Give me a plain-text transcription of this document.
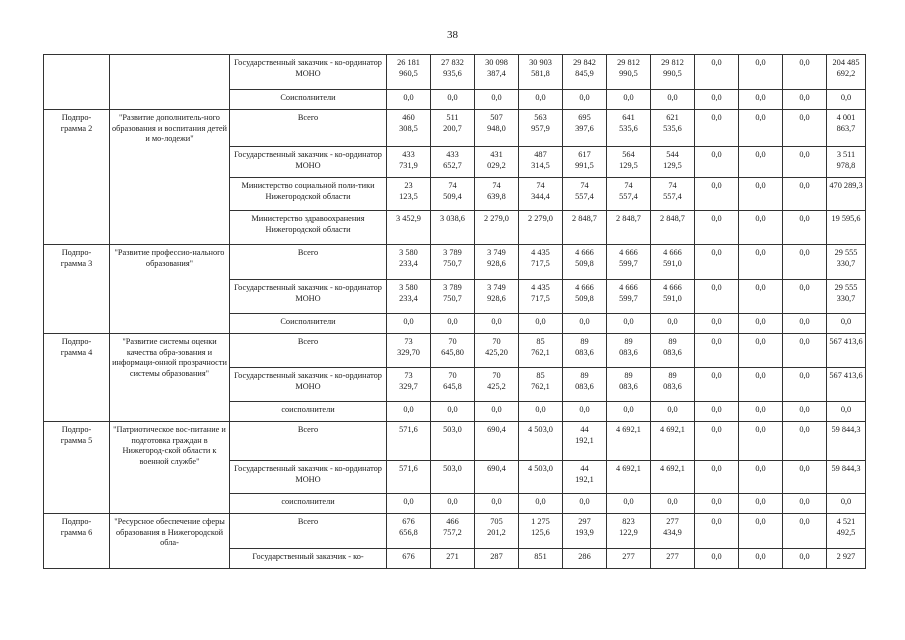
38
		Государственный заказчик - ко-ординатор МОНО	26 181
960,5	27 832
935,6	30 098
387,4	30 903
581,8	29 842
845,9	29 812
990,5	29 812
990,5	0,0	0,0	0,0	204 485
692,2
		Соисполнители	0,0	0,0	0,0	0,0	0,0	0,0	0,0	0,0	0,0	0,0	0,0
Подпро-
грамма 2	"Развитие дополнитель-ного образования и воспитания детей и мо-лодежи"	Всего	460
308,5	511
200,7	507
948,0	563
957,9	695
397,6	641
535,6	621
535,6	0,0	0,0	0,0	4 001
863,7
		Государственный заказчик - ко-ординатор МОНО	433
731,9	433
652,7	431
029,2	487
314,5	617
991,5	564
129,5	544
129,5	0,0	0,0	0,0	3 511
978,8
		Министерство социальной поли-тики Нижегородской области	23
123,5	74
509,4	74
639,8	74
344,4	74
557,4	74
557,4	74
557,4	0,0	0,0	0,0	470 289,3
		Министерство здравоохранения Нижегородской области	3 452,9	3 038,6	2 279,0	2 279,0	2 848,7	2 848,7	2 848,7	0,0	0,0	0,0	19 595,6
Подпро-
грамма 3	"Развитие профессио-нального образования"	Всего	3 580
233,4	3 789
750,7	3 749
928,6	4 435
717,5	4 666
509,8	4 666
599,7	4 666
591,0	0,0	0,0	0,0	29 555
330,7
		Государственный заказчик - ко-ординатор МОНО	3 580
233,4	3 789
750,7	3 749
928,6	4 435
717,5	4 666
509,8	4 666
599,7	4 666
591,0	0,0	0,0	0,0	29 555
330,7
		Соисполнители	0,0	0,0	0,0	0,0	0,0	0,0	0,0	0,0	0,0	0,0	0,0
Подпро-
грамма 4	"Развитие системы оценки качества обра-зования и информаци-онной прозрачности системы образования"	Всего	73
329,70	70
645,80	70
425,20	85
762,1	89
083,6	89
083,6	89
083,6	0,0	0,0	0,0	567 413,6
		Государственный заказчик - ко-ординатор МОНО	73
329,7	70
645,8	70
425,2	85
762,1	89
083,6	89
083,6	89
083,6	0,0	0,0	0,0	567 413,6
		соисполнители	0,0	0,0	0,0	0,0	0,0	0,0	0,0	0,0	0,0	0,0	0,0
Подпро-
грамма 5	"Патриотическое вос-питание и подготовка граждан в Нижегород-ской области к военной службе"	Всего	571,6	503,0	690,4	4 503,0	44
192,1	4 692,1	4 692,1	0,0	0,0	0,0	59 844,3
		Государственный заказчик - ко-ординатор МОНО	571,6	503,0	690,4	4 503,0	44
192,1	4 692,1	4 692,1	0,0	0,0	0,0	59 844,3
		соисполнители	0,0	0,0	0,0	0,0	0,0	0,0	0,0	0,0	0,0	0,0	0,0
Подпро-
грамма 6	"Ресурсное обеспечение сферы образования в Нижегородской обла-	Всего	676
656,8	466
757,2	705
201,2	1 275
125,6	297
193,9	823
122,9	277
434,9	0,0	0,0	0,0	4 521
492,5
		Государственный заказчик - ко-	676	271	287	851	286	277	277	0,0	0,0	0,0	2 927
